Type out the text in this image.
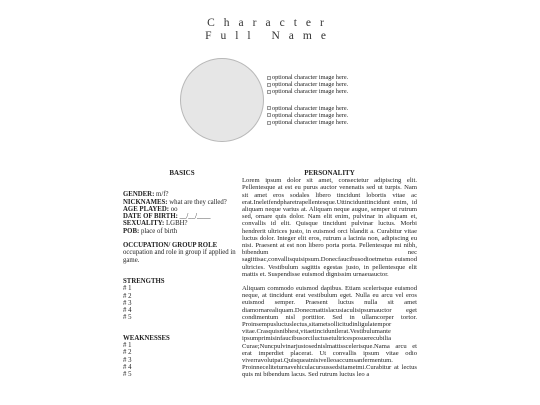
Character
Full Name
optional character image here.
optional character image here.
optional character image here.
optional character image here.
optional character image here.
optional character image here.
BASICS
GENDER: m/f?
NICKNAMES: what are they called?
AGE PLAYED: oo
DATE OF BIRTH: __/__/____
SEXUALITY: LGBH?
POB: place of birth
OCCUPATION/ GROUP ROLE
occupation and role in group if applied in game.
STRENGTHS
# 1
# 2
# 3
# 4
# 5
WEAKNESSES
# 1
# 2
# 3
# 4
# 5
PERSONALITY

Lorem ipsum dolor sit amet, consectetur adipiscing elit. Pellentesque at est eu purus auctor venenatis sed ut turpis. Nam sit amet eros sodales libero tincidunt lobortis vitae ac erat.Ineleifendpharetrapellentesque.Uttincidunttincidunt enim, id aliquam neque varius at. Aliquam neque augue, semper ut rutrum sed, ornare quis dolor. Nam elit enim, pulvinar in aliquam et, convallis id elit. Quisque tincidunt pulvinar luctus. Morbi hendrerit ultrices justo, in euismod orci blandit a. Curabitur vitae luctus dolor. Integer elit eros, rutrum a lacinia non, adipiscing eu nisi. Praesent at est non libero porta porta. Pellentesque mi nibh, bibendum nec sagittisac,convallisquisipsum.Donecfaucibusodioetmetus euismod ultricies. Vestibulum sagittis egestas justo, in pellentesque elit mattis et. Suspendisse euismod dignissim urnaeuauctor.

Aliquam commodo euismod dapibus. Etiam scelerisque euismod neque, at tincidunt erat vestibulum eget. Nulla eu arcu vel eros euismod semper. Praesent luctus nulla sit amet diamornarealiquam.Donecmattislacusiaculisipsumauctor eget condimentum nisl porttitor. Sed in ullamcorper tortor. Proinsempusluctuslectus,sitametsollicitudinligulatempor vitae.Crasquisnibhest,vitaetinciduntlerat.Vestibulumante ipsumprimisinfaucibusorciluctusetultricesposuerecubilia Curae;Nuncpulvinarjustosednislmattisscelerisque.Nama arcu et erat imperdiet placerat. Ut convallis ipsum vitae odio viverravolutpat.Quisqueatnisivelleoaccumsanfermentum. Proinneceliteturnavehiculacursussedsitametmi.Curabitur at lectus quis mi bibendum lacus. Sed rutrum luctus leo a
